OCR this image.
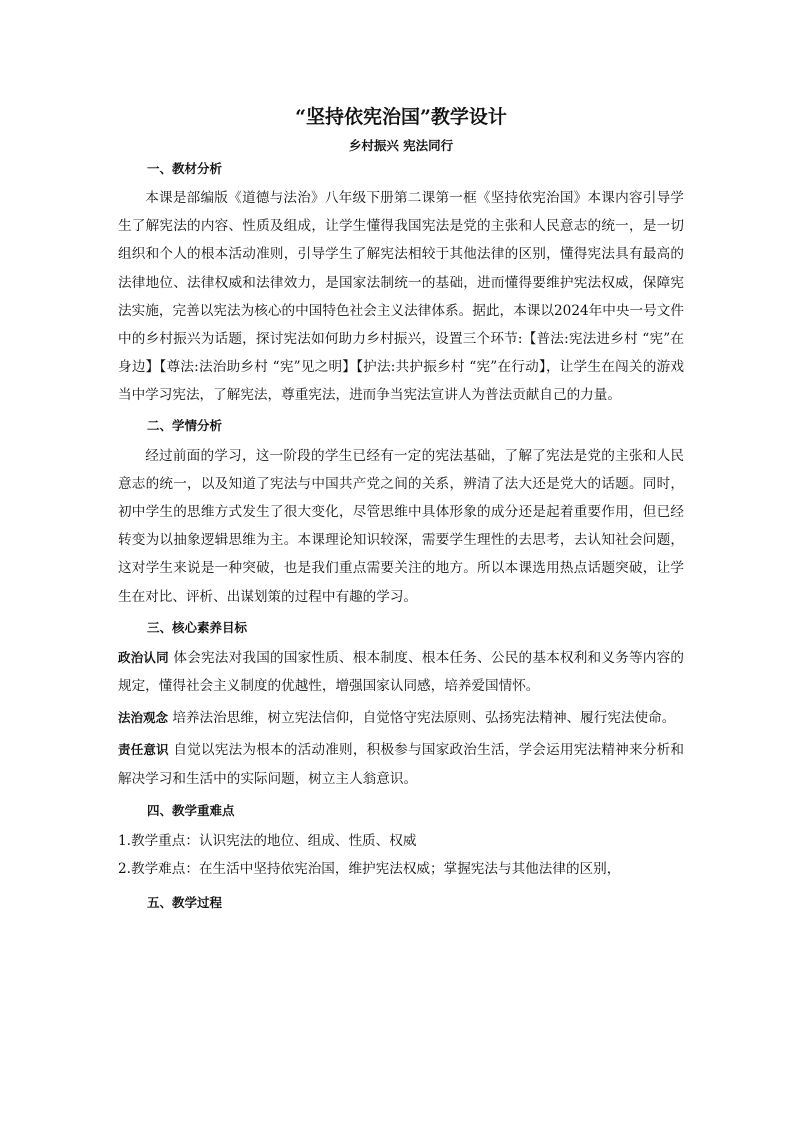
“坚持依宪治国”教学设计
乡村振兴 宪法同行
一、教材分析

本课是部编版《道德与法治》八年级下册第二课第一框《坚持依宪治国》本课内容引导学生了解宪法的内容、性质及组成，让学生懂得我国宪法是党的主张和人民意志的统一，是一切组织和个人的根本活动准则，引导学生了解宪法相较于其他法律的区别，懂得宪法具有最高的法律地位、法律权威和法律效力，是国家法制统一的基础，进而懂得要维护宪法权威，保障宪法实施，完善以宪法为核心的中国特色社会主义法律体系。据此，本课以2024年中央一号文件中的乡村振兴为话题，探讨宪法如何助力乡村振兴，设置三个环节:【普法:宪法进乡村 “宪”在身边】【尊法:法治助乡村 “宪”见之明】【护法:共护振乡村 “宪”在行动】，让学生在闯关的游戏当中学习宪法，了解宪法，尊重宪法，进而争当宪法宣讲人为普法贡献自己的力量。

二、学情分析

经过前面的学习，这一阶段的学生已经有一定的宪法基础，了解了宪法是党的主张和人民意志的统一，以及知道了宪法与中国共产党之间的关系，辨清了法大还是党大的话题。同时，初中学生的思维方式发生了很大变化，尽管思维中具体形象的成分还是起着重要作用，但已经转变为以抽象逻辑思维为主。本课理论知识较深，需要学生理性的去思考，去认知社会问题，这对学生来说是一种突破，也是我们重点需要关注的地方。所以本课选用热点话题突破，让学生在对比、评析、出谋划策的过程中有趣的学习。

三、核心素养目标

政治认同 体会宪法对我国的国家性质、根本制度、根本任务、公民的基本权利和义务等内容的规定，懂得社会主义制度的优越性，增强国家认同感，培养爱国情怀。

法治观念 培养法治思维，树立宪法信仰，自觉恪守宪法原则、弘扬宪法精神、履行宪法使命。

责任意识 自觉以宪法为根本的活动准则，积极参与国家政治生活，学会运用宪法精神来分析和解决学习和生活中的实际问题，树立主人翁意识。

四、教学重难点

1.教学重点：认识宪法的地位、组成、性质、权威

2.教学难点：在生活中坚持依宪治国，维护宪法权威；掌握宪法与其他法律的区别，

五、教学过程
